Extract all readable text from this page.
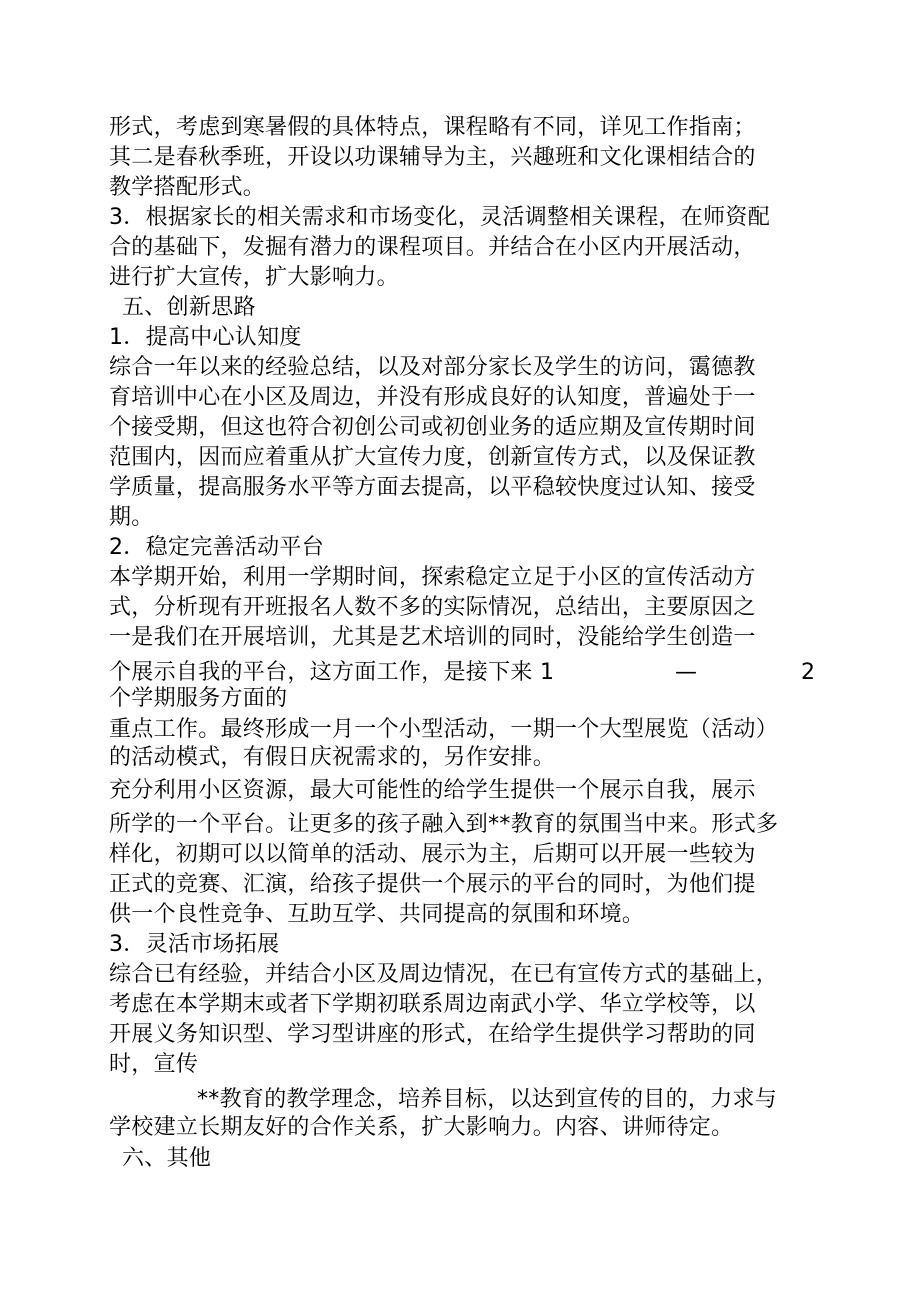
形式，考虑到寒暑假的具体特点，课程略有不同，详见工作指南；
其二是春秋季班，开设以功课辅导为主，兴趣班和文化课相结合的
教学搭配形式。
3．根据家长的相关需求和市场变化，灵活调整相关课程，在师资配
合的基础下，发掘有潜力的课程项目。并结合在小区内开展活动，
进行扩大宣传，扩大影响力。
五、创新思路
1．提高中心认知度
综合一年以来的经验总结，以及对部分家长及学生的访问，霭德教
育培训中心在小区及周边，并没有形成良好的认知度，普遍处于一
个接受期，但这也符合初创公司或初创业务的适应期及宣传期时间
范围内，因而应着重从扩大宣传力度，创新宣传方式，以及保证教
学质量，提高服务水平等方面去提高，以平稳较快度过认知、接受
期。
2．稳定完善活动平台
本学期开始，利用一学期时间，探索稳定立足于小区的宣传活动方
式，分析现有开班报名人数不多的实际情况，总结出，主要原因之
一是我们在开展培训，尤其是艺术培训的同时，没能给学生创造一
个展示自我的平台，这方面工作，是接下来 1	—	2
个学期服务方面的
重点工作。最终形成一月一个小型活动，一期一个大型展览（活动）
的活动模式，有假日庆祝需求的，另作安排。
充分利用小区资源，最大可能性的给学生提供一个展示自我，展示
所学的一个平台。让更多的孩子融入到**教育的氛围当中来。形式多
样化，初期可以以简单的活动、展示为主，后期可以开展一些较为
正式的竞赛、汇演，给孩子提供一个展示的平台的同时，为他们提
供一个良性竞争、互助互学、共同提高的氛围和环境。
3．灵活市场拓展
综合已有经验，并结合小区及周边情况，在已有宣传方式的基础上，
考虑在本学期末或者下学期初联系周边南武小学、华立学校等，以
开展义务知识型、学习型讲座的形式，在给学生提供学习帮助的同
时，宣传
**教育的教学理念，培养目标，以达到宣传的目的，力求与
学校建立长期友好的合作关系，扩大影响力。内容、讲师待定。
六、其他
